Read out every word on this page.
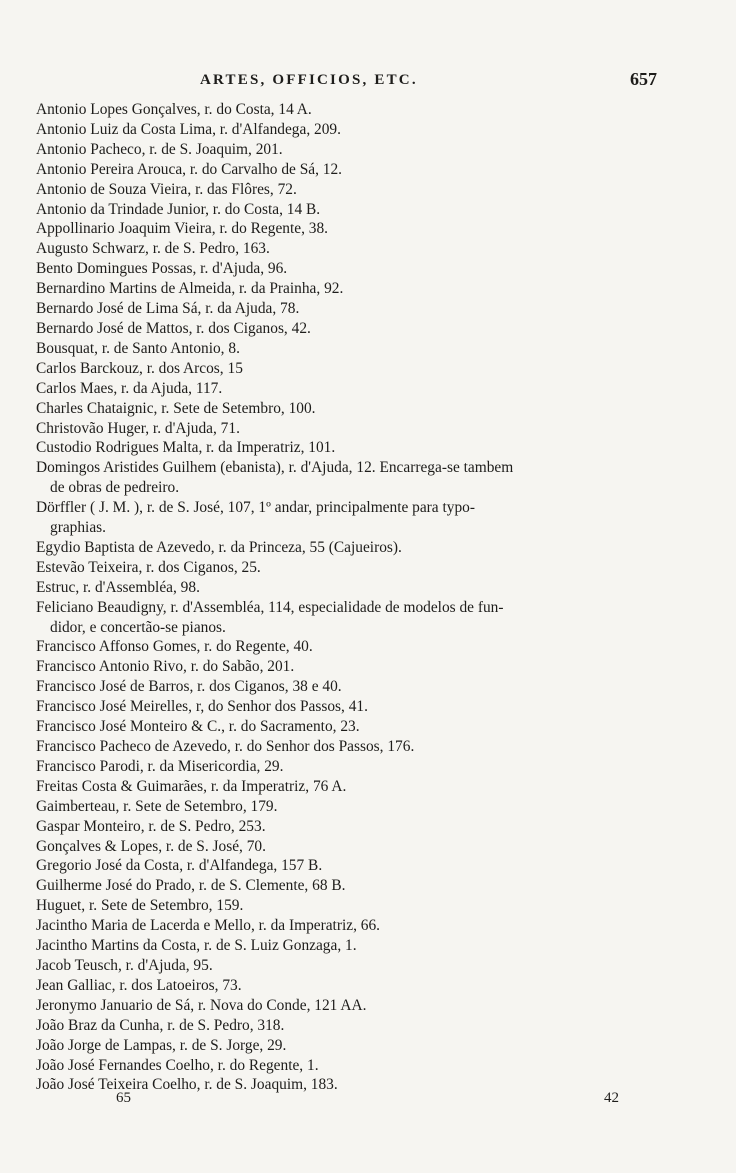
ARTES, OFFICIOS, ETC.	657
Antonio Lopes Gonçalves, r. do Costa, 14 A.
Antonio Luiz da Costa Lima, r. d'Alfandega, 209.
Antonio Pacheco, r. de S. Joaquim, 201.
Antonio Pereira Arouca, r. do Carvalho de Sá, 12.
Antonio de Souza Vieira, r. das Flôres, 72.
Antonio da Trindade Junior, r. do Costa, 14 B.
Appollinario Joaquim Vieira, r. do Regente, 38.
Augusto Schwarz, r. de S. Pedro, 163.
Bento Domingues Possas, r. d'Ajuda, 96.
Bernardino Martins de Almeida, r. da Prainha, 92.
Bernardo José de Lima Sá, r. da Ajuda, 78.
Bernardo José de Mattos, r. dos Ciganos, 42.
Bousquat, r. de Santo Antonio, 8.
Carlos Barckouz, r. dos Arcos, 15
Carlos Maes, r. da Ajuda, 117.
Charles Chataignic, r. Sete de Setembro, 100.
Christovão Huger, r. d'Ajuda, 71.
Custodio Rodrigues Malta, r. da Imperatriz, 101.
Domingos Aristides Guilhem (ebanista), r. d'Ajuda, 12. Encarrega-se tambem
de obras de pedreiro.
Dörffler ( J. M. ), r. de S. José, 107, 1º andar, principalmente para typo-
graphias.
Egydio Baptista de Azevedo, r. da Princeza, 55 (Cajueiros).
Estevão Teixeira, r. dos Ciganos, 25.
Estruc, r. d'Assembléa, 98.
Feliciano Beaudigny, r. d'Assembléa, 114, especialidade de modelos de fun-
didor, e concertão-se pianos.
Francisco Affonso Gomes, r. do Regente, 40.
Francisco Antonio Rivo, r. do Sabão, 201.
Francisco José de Barros, r. dos Ciganos, 38 e 40.
Francisco José Meirelles, r, do Senhor dos Passos, 41.
Francisco José Monteiro & C., r. do Sacramento, 23.
Francisco Pacheco de Azevedo, r. do Senhor dos Passos, 176.
Francisco Parodi, r. da Misericordia, 29.
Freitas Costa & Guimarães, r. da Imperatriz, 76 A.
Gaimberteau, r. Sete de Setembro, 179.
Gaspar Monteiro, r. de S. Pedro, 253.
Gonçalves & Lopes, r. de S. José, 70.
Gregorio José da Costa, r. d'Alfandega, 157 B.
Guilherme José do Prado, r. de S. Clemente, 68 B.
Huguet, r. Sete de Setembro, 159.
Jacintho Maria de Lacerda e Mello, r. da Imperatriz, 66.
Jacintho Martins da Costa, r. de S. Luiz Gonzaga, 1.
Jacob Teusch, r. d'Ajuda, 95.
Jean Galliac, r. dos Latoeiros, 73.
Jeronymo Januario de Sá, r. Nova do Conde, 121 AA.
João Braz da Cunha, r. de S. Pedro, 318.
João Jorge de Lampas, r. de S. Jorge, 29.
João José Fernandes Coelho, r. do Regente, 1.
João José Teixeira Coelho, r. de S. Joaquim, 183.
65	42
